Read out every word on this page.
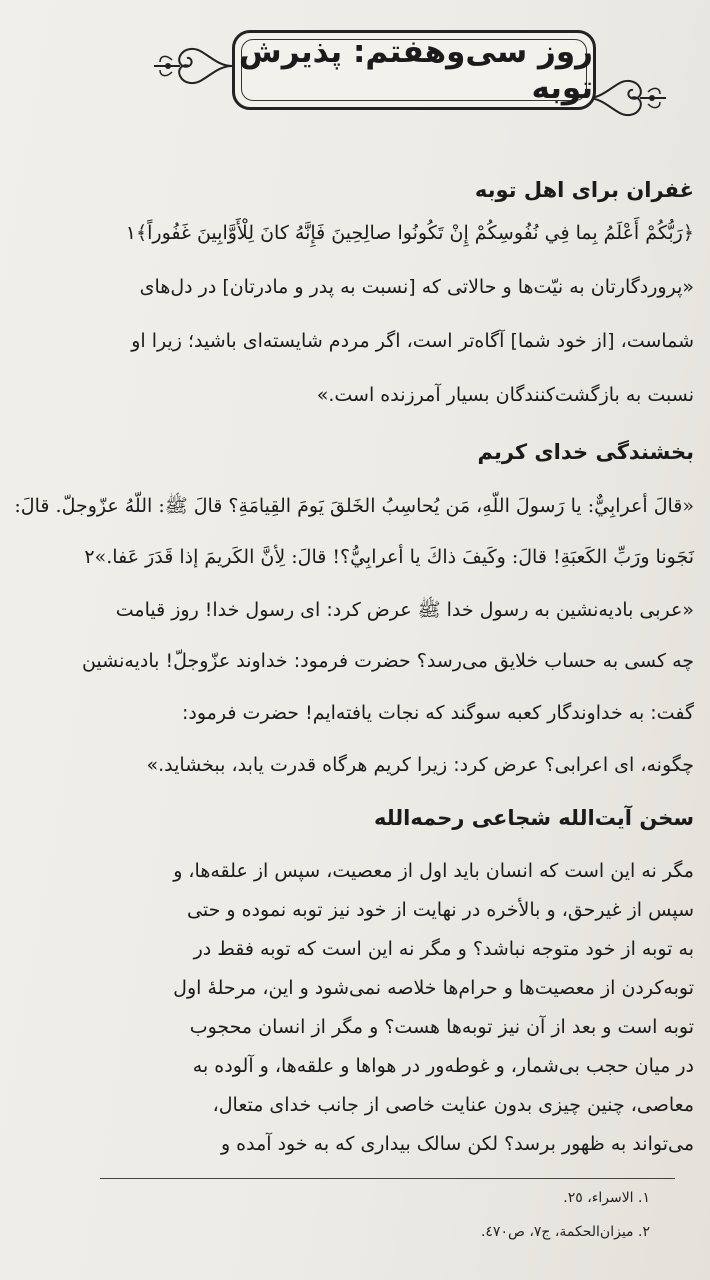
روز سی‌وهفتم: پذیرش توبه
غفران برای اهل توبه
﴿رَبُّکُمْ أَعْلَمُ بِما فِي نُفُوسِکُمْ إِنْ تَکُونُوا صالِحِينَ فَإِنَّهُ کانَ لِلْأَوَّابِينَ غَفُوراً﴾١
«پروردگارتان به نیّت‌ها و حالاتی که [نسبت به پدر و مادرتان] در دل‌های
شماست، [از خود شما] آگاه‌تر است، اگر مردم شایسته‌ای باشید؛ زیرا او
نسبت به بازگشت‌کنندگان بسیار آمرزنده است.»
بخشندگی خدای کریم
«قالَ أعرابِيٌّ: يا رَسولَ اللّهِ، مَن يُحاسِبُ الخَلقَ يَومَ القِيامَةِ؟ قالَ ﷺ: اللّهُ عزّوجلّ. قالَ:
نَجَونا ورَبِّ الکَعبَةِ! قالَ: وکَيفَ ذاكَ يا أعرابِيُّ؟! قالَ: لِأنَّ الکَريمَ إذا قَدَرَ عَفا.»٢
«عربی بادیه‌نشین به رسول خدا ﷺ عرض کرد: ای رسول خدا! روز قیامت
چه کسی به حساب خلایق می‌رسد؟ حضرت فرمود: خداوند عزّوجلّ! بادیه‌نشین
گفت: به خداوندگار کعبه سوگند که نجات یافته‌ایم! حضرت فرمود:
چگونه، ای اعرابی؟ عرض کرد: زیرا کریم هرگاه قدرت یابد، ببخشاید.»
سخن آیت‌الله شجاعی رحمه‌الله
مگر نه این است که انسان باید اول از معصیت، سپس از علقه‌ها، و
سپس از غیرحق، و بالأخره در نهایت از خود نیز توبه نموده و حتی
به توبه از خود متوجه نباشد؟ و مگر نه این است که توبه فقط در
توبه‌کردن از معصیت‌ها و حرام‌ها خلاصه نمی‌شود و این، مرحلهٔ اول
توبه است و بعد از آن نیز توبه‌ها هست؟ و مگر از انسان محجوب
در میان حجب بی‌شمار، و غوطه‌ور در هواها و علقه‌ها، و آلوده به
معاصی، چنین چیزی بدون عنایت خاصی از جانب خدای متعال،
می‌تواند به ظهور برسد؟ لکن سالک بیداری که به خود آمده و
١. الاسراء، ٢٥.
٢. میزان‌الحکمة، ج٧، ص٤٧٠.
